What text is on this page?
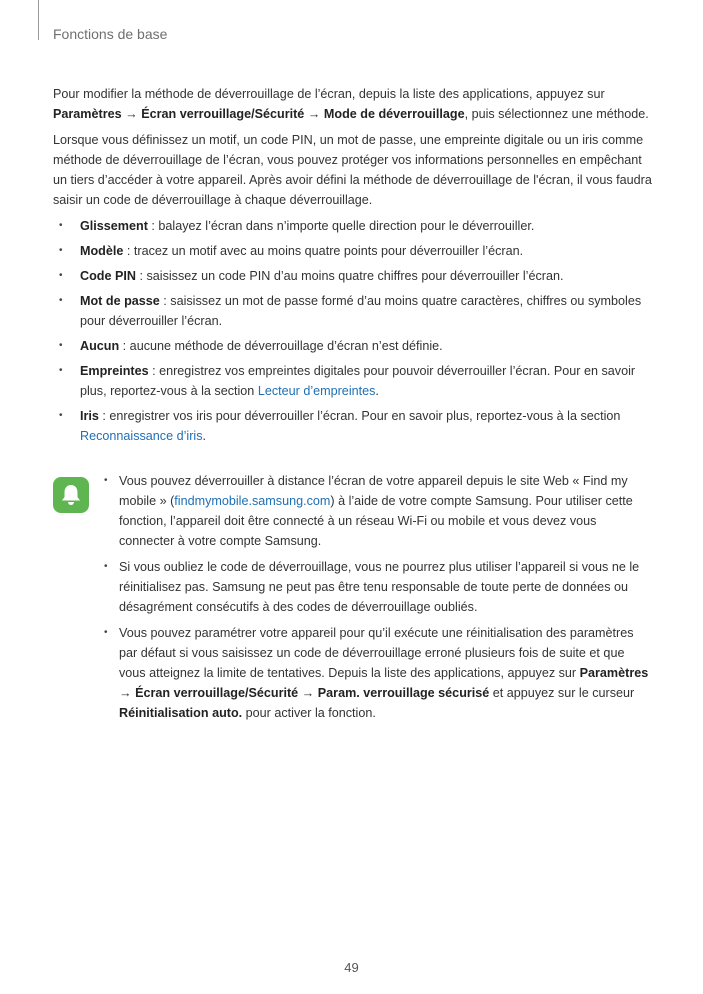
Fonctions de base

Pour modifier la méthode de déverrouillage de l’écran, depuis la liste des applications, appuyez sur Paramètres → Écran verrouillage/Sécurité → Mode de déverrouillage, puis sélectionnez une méthode.

Lorsque vous définissez un motif, un code PIN, un mot de passe, une empreinte digitale ou un iris comme méthode de déverrouillage de l’écran, vous pouvez protéger vos informations personnelles en empêchant un tiers d’accéder à votre appareil. Après avoir défini la méthode de déverrouillage de l'écran, il vous faudra saisir un code de déverrouillage à chaque déverrouillage.

• Glissement : balayez l’écran dans n’importe quelle direction pour le déverrouiller.
• Modèle : tracez un motif avec au moins quatre points pour déverrouiller l’écran.
• Code PIN : saisissez un code PIN d’au moins quatre chiffres pour déverrouiller l’écran.
• Mot de passe : saisissez un mot de passe formé d’au moins quatre caractères, chiffres ou symboles pour déverrouiller l’écran.
• Aucun : aucune méthode de déverrouillage d’écran n’est définie.
• Empreintes : enregistrez vos empreintes digitales pour pouvoir déverrouiller l’écran. Pour en savoir plus, reportez-vous à la section Lecteur d’empreintes.
• Iris : enregistrer vos iris pour déverrouiller l’écran. Pour en savoir plus, reportez-vous à la section Reconnaissance d’iris.
• Vous pouvez déverrouiller à distance l’écran de votre appareil depuis le site Web « Find my mobile » (findmymobile.samsung.com) à l’aide de votre compte Samsung. Pour utiliser cette fonction, l’appareil doit être connecté à un réseau Wi-Fi ou mobile et vous devez vous connecter à votre compte Samsung.
• Si vous oubliez le code de déverrouillage, vous ne pourrez plus utiliser l’appareil si vous ne le réinitialisez pas. Samsung ne peut pas être tenu responsable de toute perte de données ou désagrément consécutifs à des codes de déverrouillage oubliés.
• Vous pouvez paramétrer votre appareil pour qu’il exécute une réinitialisation des paramètres par défaut si vous saisissez un code de déverrouillage erroné plusieurs fois de suite et que vous atteignez la limite de tentatives. Depuis la liste des applications, appuyez sur Paramètres → Écran verrouillage/Sécurité → Param. verrouillage sécurisé et appuyez sur le curseur Réinitialisation auto. pour activer la fonction.
49
